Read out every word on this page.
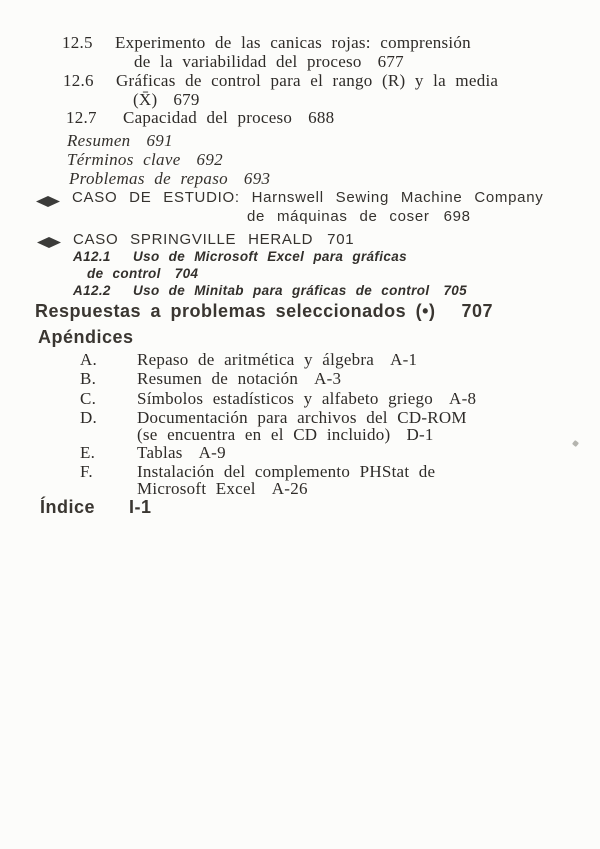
12.5 Experimento de las canicas rojas: comprensión
de la variabilidad del proceso 677
12.6 Gráficas de control para el rango (R) y la media
(X̄) 679
12.7 Capacidad del proceso 688
Resumen 691
Términos clave 692
Problemas de repaso 693
CASO DE ESTUDIO: Harnswell Sewing Machine Company
de máquinas de coser 698
CASO SPRINGVILLE HERALD 701
A12.1 Uso de Microsoft Excel para gráficas
de control 704
A12.2 Uso de Minitab para gráficas de control 705
Respuestas a problemas seleccionados (•) 707
Apéndices
A. Repaso de aritmética y álgebra A-1
B. Resumen de notación A-3
C. Símbolos estadísticos y alfabeto griego A-8
D. Documentación para archivos del CD-ROM
(se encuentra en el CD incluido) D-1
E. Tablas A-9
F.	Instalación del complemento PHStat de
Microsoft Excel A-26
Índice I-1
